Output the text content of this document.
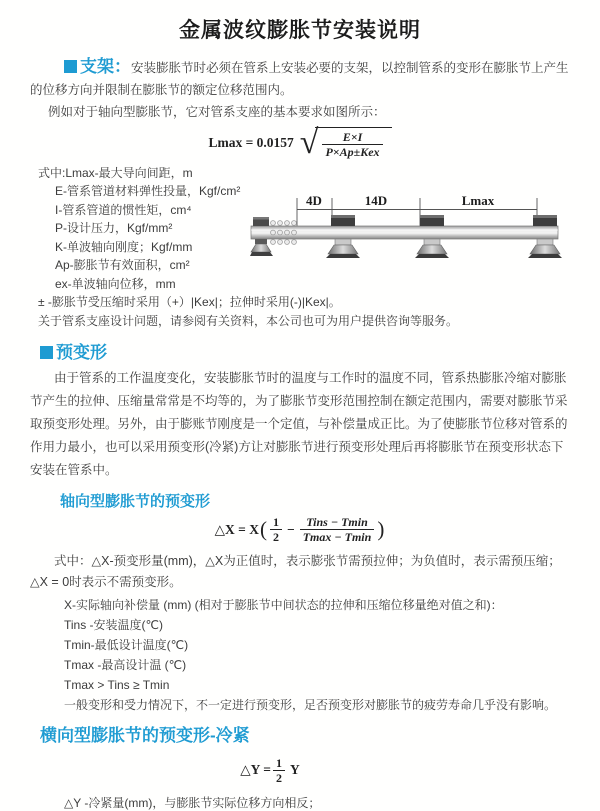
金属波纹膨胀节安装说明

支架：安装膨胀节时必须在管系上安装必要的支架，以控制管系的变形在膨胀节上产生的位移方向并限制在膨胀节的额定位移范围内。

例如对于轴向型膨胀节，它对管系支座的基本要求如图所示：

Lmax = 0.0157 √ $\frac{E\times I}{\text{P×Ap±Kex}}$
式中:Lmax-最大导向间距，m
E-管系管道材料弹性投量，Kgf/cm²
I-管系管道的惯性矩，cm⁴
P-设计压力，Kgf/mm²
K-单波轴向刚度；Kgf/mm
Ap-膨胀节有效面积，cm²
ex-单波轴向位移，mm

± -膨胀节受压缩时采用（+）|Kex|；拉伸时采用(-)|Kex|。

关于管系支座设计问题，请参阅有关资料，本公司也可为用户提供咨询等服务。

4D	14D	Lmax
预变形

由于管系的工作温度变化，安装膨胀节时的温度与工作时的温度不同，管系热膨胀冷缩对膨胀节产生的拉伸、压缩量常常是不均等的，为了膨胀节变形范围控制在额定范围内，需要对膨胀节采取预变形处理。另外，由于膨账节刚度是一个定值，与补偿量成正比。为了使膨胀节位移对管系的作用力最小，也可以采用预变形(冷紧)方让对膨胀节进行预变形处理后再将膨胀节在预变形状态下安装在管系中。

轴向型膨胀节的预变形
△X = X ( $\frac{1}{2} - \frac{\text{Tins − Tmin}}{Tmax - Tmin}$ )

式中：△X-预变形量(mm)，△X为正值时，表示膨张节需预拉伸；为负值时，表示需预压缩；△X = 0时表示不需预变形。

X-实际轴向补偿量 (mm) (相对于膨胀节中间状态的拉伸和压缩位移量绝对值之和)：
Tins -安装温度(℃)
Tmin-最低设计温度(℃)
Tmax -最高设计温 (℃)
Tmax > Tins ≥ Tmin
一般变形和受力情况下，不一定进行预变形，足否预变形对膨胀节的疲劳寿命几乎没有影响。
横向型膨胀节的预变形-冷紧
△Y = $\frac{1}{2}$ Y

△Y -冷紧量(mm)，与膨胀节实际位移方向相反；
